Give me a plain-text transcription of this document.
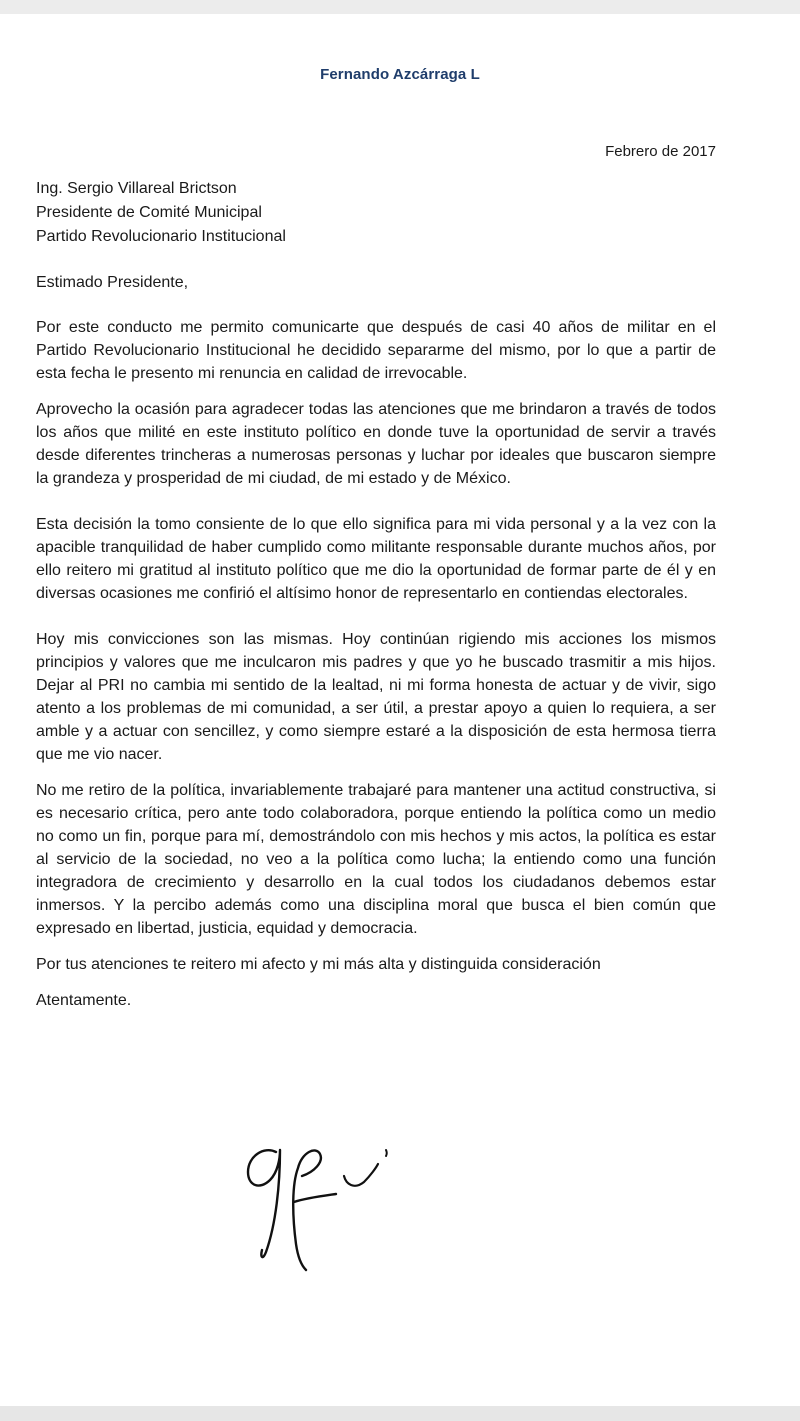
Fernando Azcárraga L
Febrero de 2017
Ing. Sergio Villareal Brictson
Presidente de Comité Municipal
Partido Revolucionario Institucional

Estimado Presidente,

Por este conducto me permito comunicarte que después de casi 40 años de militar en el Partido Revolucionario Institucional he decidido separarme del mismo, por lo que a partir de esta fecha le presento mi renuncia en calidad de irrevocable.

Aprovecho la ocasión para agradecer todas las atenciones que me brindaron a través de todos los años que milité en este instituto político en donde tuve la oportunidad de servir a través desde diferentes trincheras a numerosas personas y luchar por ideales que buscaron siempre la grandeza y prosperidad de mi ciudad, de mi estado y de México.

Esta decisión la tomo consiente de lo que ello significa para mi vida personal y a la vez con la apacible tranquilidad de haber cumplido como militante responsable durante muchos años, por ello reitero mi gratitud al instituto político que me dio la oportunidad de formar parte de él y en diversas ocasiones me confirió el altísimo honor de representarlo en contiendas electorales.

Hoy mis convicciones son las mismas. Hoy continúan rigiendo mis acciones los mismos principios y valores que me inculcaron mis padres y que yo he buscado trasmitir a mis hijos. Dejar al PRI no cambia mi sentido de la lealtad, ni mi forma honesta de actuar y de vivir, sigo atento a los problemas de mi comunidad, a ser útil, a prestar apoyo a quien lo requiera, a ser amble y a actuar con sencillez, y como siempre estaré a la disposición de esta hermosa tierra que me vio nacer.

No me retiro de la política, invariablemente trabajaré para mantener una actitud constructiva, si es necesario crítica, pero ante todo colaboradora, porque entiendo la política como un medio no como un fin, porque para mí, demostrándolo con mis hechos y mis actos, la política es estar al servicio de la sociedad, no veo a la política como lucha; la entiendo como una función integradora de crecimiento y desarrollo en la cual todos los ciudadanos debemos estar inmersos. Y la percibo además como una disciplina moral que busca el bien común que expresado en libertad, justicia, equidad y democracia.

Por tus atenciones te reitero mi afecto y mi más alta y distinguida consideración

Atentamente.
